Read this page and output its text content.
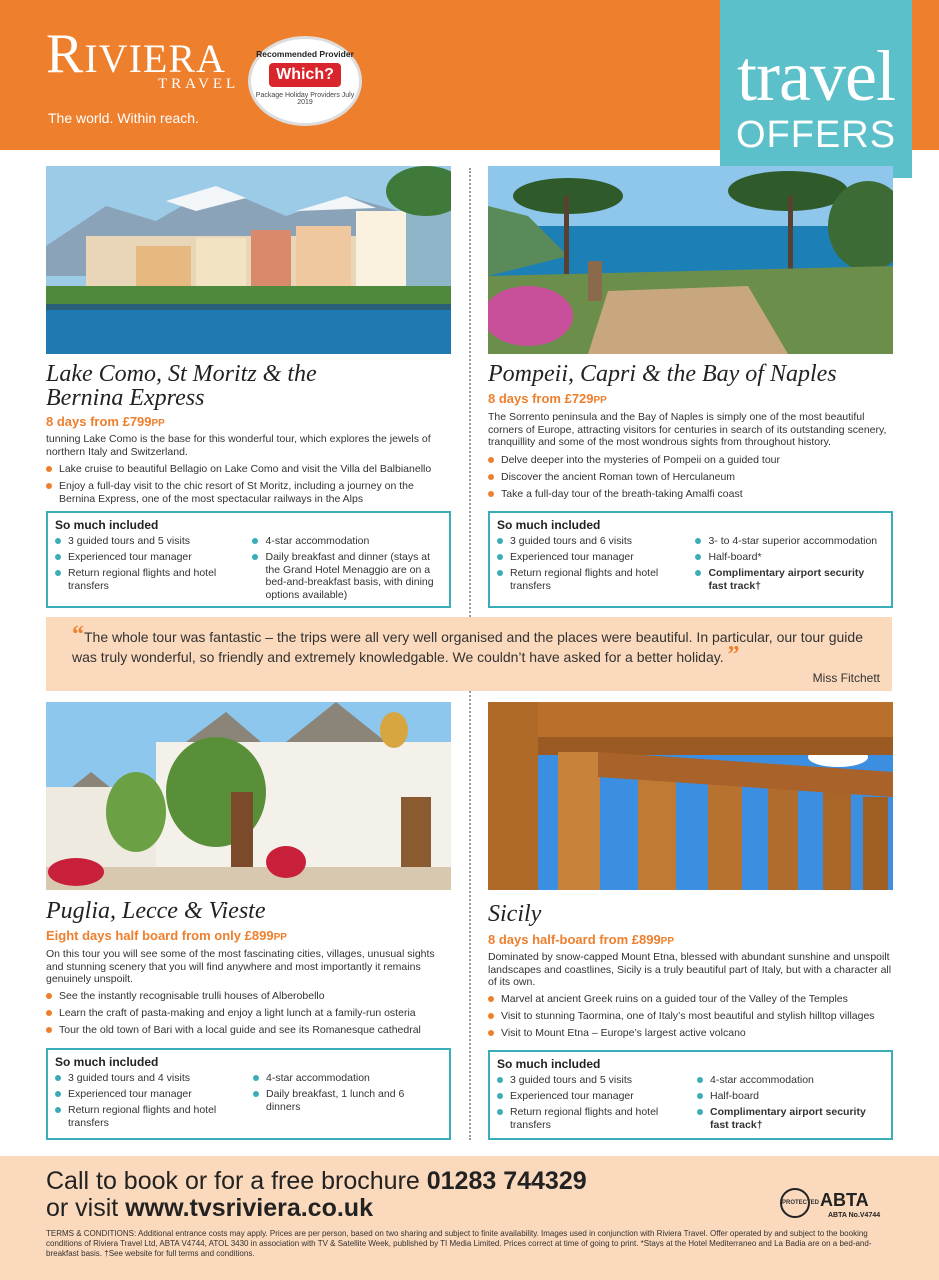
RIVIERA
TRAVEL
The world. Within reach.
Recommended Provider
Which?
Package Holiday Providers July 2019	travel
OFFERS
Lake Como, St Moritz & the
Bernina Express
8 days from £799PP
tunning Lake Como is the base for this wonderful tour, which explores the jewels of northern Italy and Switzerland.
Lake cruise to beautiful Bellagio on Lake Como and visit the Villa del Balbianello
Enjoy a full-day visit to the chic resort of St Moritz, including a journey on the Bernina Express, one of the most spectacular railways in the Alps
So much included
3 guided tours and 5 visits
Experienced tour manager
Return regional flights and hotel transfers
4-star accommodation
Daily breakfast and dinner (stays at the Grand Hotel Menaggio are on a bed-and-breakfast basis, with dining options available)
Pompeii, Capri & the Bay of Naples
8 days from £729PP
The Sorrento peninsula and the Bay of Naples is simply one of the most beautiful corners of Europe, attracting visitors for centuries in search of its outstanding scenery, tranquillity and some of the most wondrous sights from throughout history.
Delve deeper into the mysteries of Pompeii on a guided tour
Discover the ancient Roman town of Herculaneum
Take a full-day tour of the breath-taking Amalfi coast
So much included
3 guided tours and 6 visits
Experienced tour manager
Return regional flights and hotel transfers
3- to 4-star superior accommodation
Half-board*
Complimentary airport security fast track†
“The whole tour was fantastic – the trips were all very well organised and the places were beautiful. In particular, our tour guide was truly wonderful, so friendly and extremely knowledgable. We couldn’t have asked for a better holiday. ”
Miss Fitchett
Puglia, Lecce & Vieste
Eight days half board from only £899PP
On this tour you will see some of the most fascinating cities, villages, unusual sights and stunning scenery that you will find anywhere and most importantly it remains genuinely unspoilt.
See the instantly recognisable trulli houses of Alberobello
Learn the craft of pasta-making and enjoy a light lunch at a family-run osteria
Tour the old town of Bari with a local guide and see its Romanesque cathedral
So much included
3 guided tours and 4 visits
Experienced tour manager
Return regional flights and hotel transfers
4-star accommodation
Daily breakfast, 1 lunch and 6 dinners
Sicily
8 days half-board from £899PP
Dominated by snow-capped Mount Etna, blessed with abundant sunshine and unspoilt landscapes and coastlines, Sicily is a truly beautiful part of Italy, but with a character all of its own.
Marvel at ancient Greek ruins on a guided tour of the Valley of the Temples
Visit to stunning Taormina, one of Italy’s most beautiful and stylish hilltop villages
Visit to Mount Etna – Europe’s largest active volcano
So much included
3 guided tours and 5 visits
Experienced tour manager
Return regional flights and hotel transfers
4-star accommodation
Half-board
Complimentary airport security fast track†
Call to book or for a free brochure 01283 744329
or visit www.tvsriviera.co.uk	PROTECTED ABTA
ABTA No.V4744
TERMS & CONDITIONS: Additional entrance costs may apply. Prices are per person, based on two sharing and subject to finite availability. Images used in conjunction with Riviera Travel. Offer operated by and subject to the booking conditions of Riviera Travel Ltd, ABTA V4744, ATOL 3430 in association with TV & Satellite Week, published by TI Media Limited. Prices correct at time of going to print. *Stays at the Hotel Mediterraneo and La Badia are on a bed-and-breakfast basis. †See website for full terms and conditions.
